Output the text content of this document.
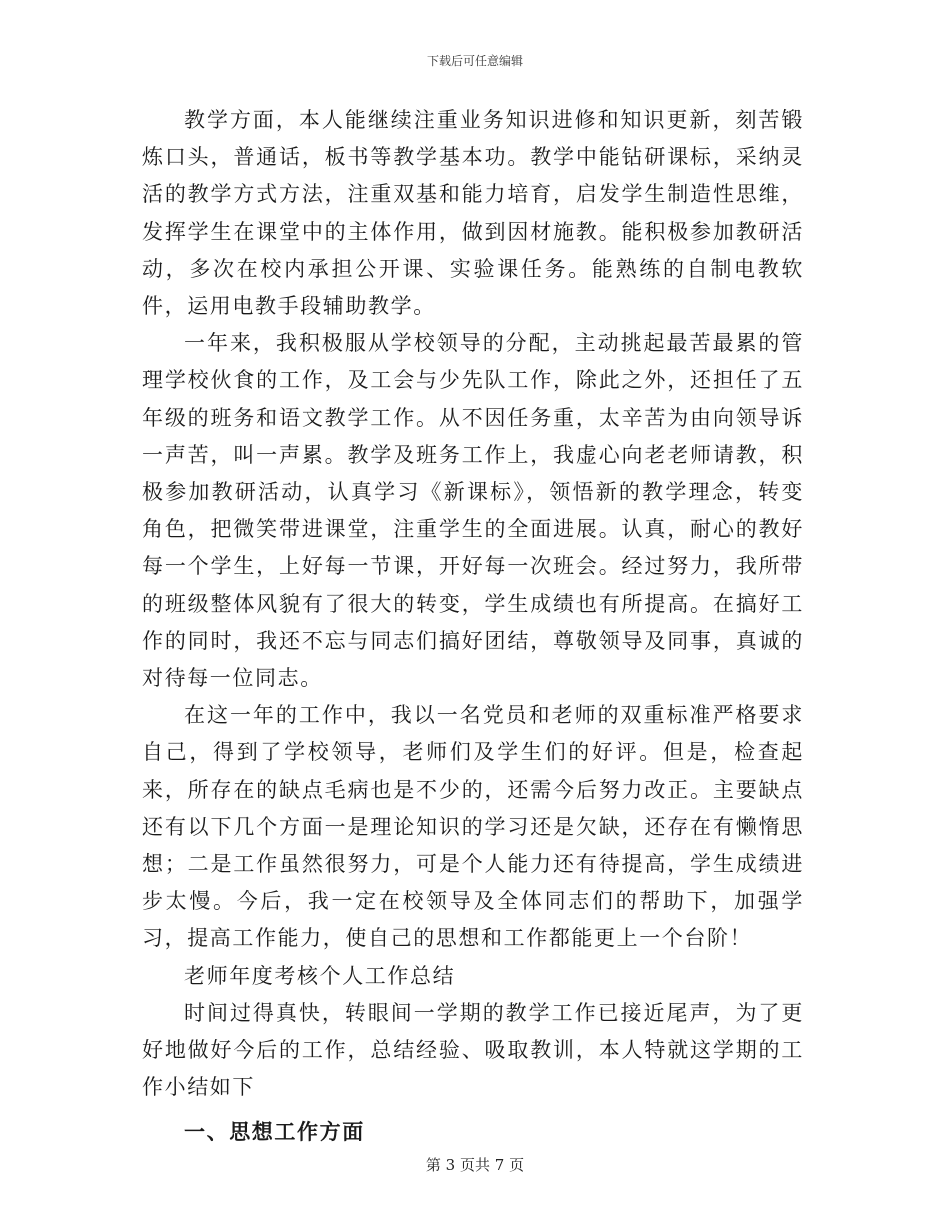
下载后可任意编辑

教学方面，本人能继续注重业务知识进修和知识更新，刻苦锻炼口头，普通话，板书等教学基本功。教学中能钻研课标，采纳灵活的教学方式方法，注重双基和能力培育，启发学生制造性思维，发挥学生在课堂中的主体作用，做到因材施教。能积极参加教研活动，多次在校内承担公开课、实验课任务。能熟练的自制电教软件，运用电教手段辅助教学。

一年来，我积极服从学校领导的分配，主动挑起最苦最累的管理学校伙食的工作，及工会与少先队工作，除此之外，还担任了五年级的班务和语文教学工作。从不因任务重，太辛苦为由向领导诉一声苦，叫一声累。教学及班务工作上，我虚心向老老师请教，积极参加教研活动，认真学习《新课标》，领悟新的教学理念，转变角色，把微笑带进课堂，注重学生的全面进展。认真，耐心的教好每一个学生，上好每一节课，开好每一次班会。经过努力，我所带的班级整体风貌有了很大的转变，学生成绩也有所提高。在搞好工作的同时，我还不忘与同志们搞好团结，尊敬领导及同事，真诚的对待每一位同志。

在这一年的工作中，我以一名党员和老师的双重标准严格要求自己，得到了学校领导，老师们及学生们的好评。但是，检查起来，所存在的缺点毛病也是不少的，还需今后努力改正。主要缺点还有以下几个方面一是理论知识的学习还是欠缺，还存在有懒惰思想；二是工作虽然很努力，可是个人能力还有待提高，学生成绩进步太慢。今后，我一定在校领导及全体同志们的帮助下，加强学习，提高工作能力，使自己的思想和工作都能更上一个台阶！

老师年度考核个人工作总结

时间过得真快，转眼间一学期的教学工作已接近尾声，为了更好地做好今后的工作，总结经验、吸取教训，本人特就这学期的工作小结如下

一、思想工作方面

第 3 页共 7 页
